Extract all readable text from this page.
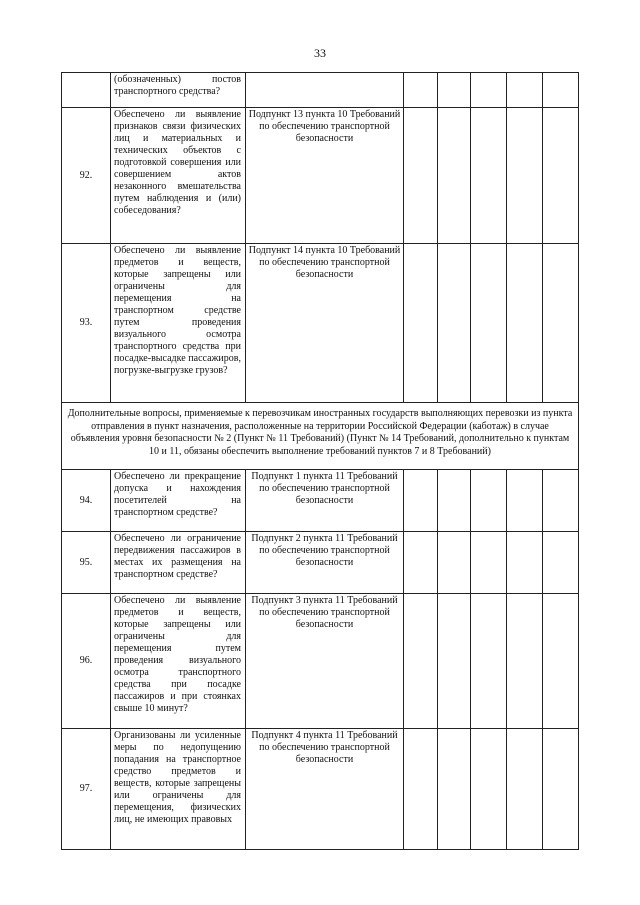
33
	(обозначенных) постов транспортного средства?						
92.	Обеспечено ли выявление признаков связи физических лиц и материальных и технических объектов с подготовкой совершения или совершением актов незаконного вмешательства путем наблюдения и (или) собеседования?	Подпункт 13 пункта 10 Требований по обеспечению транспортной безопасности					
93.	Обеспечено ли выявление предметов и веществ, которые запрещены или ограничены для перемещения на транспортном средстве путем проведения визуального осмотра транспортного средства при посадке-высадке пассажиров, погрузке-выгрузке грузов?	Подпункт 14 пункта 10 Требований по обеспечению транспортной безопасности					
Дополнительные вопросы, применяемые к перевозчикам иностранных государств выполняющих перевозки из пункта отправления в пункт назначения, расположенные на территории Российской Федерации (каботаж) в случае объявления уровня безопасности № 2 (Пункт № 11 Требований) (Пункт № 14 Требований, дополнительно к пунктам 10 и 11, обязаны обеспечить выполнение требований пунктов 7 и 8 Требований)							
94.	Обеспечено ли прекращение допуска и нахождения посетителей на транспортном средстве?	Подпункт 1 пункта 11 Требований по обеспечению транспортной безопасности					
95.	Обеспечено ли ограничение передвижения пассажиров в местах их размещения на транспортном средстве?	Подпункт 2 пункта 11 Требований по обеспечению транспортной безопасности					
96.	Обеспечено ли выявление предметов и веществ, которые запрещены или ограничены для перемещения путем проведения визуального осмотра транспортного средства при посадке пассажиров и при стоянках свыше 10 минут?	Подпункт 3 пункта 11 Требований по обеспечению транспортной безопасности					
97.	Организованы ли усиленные меры по недопущению попадания на транспортное средство предметов и веществ, которые запрещены или ограничены для перемещения, физических лиц, не имеющих правовых	Подпункт 4 пункта 11 Требований по обеспечению транспортной безопасности					
